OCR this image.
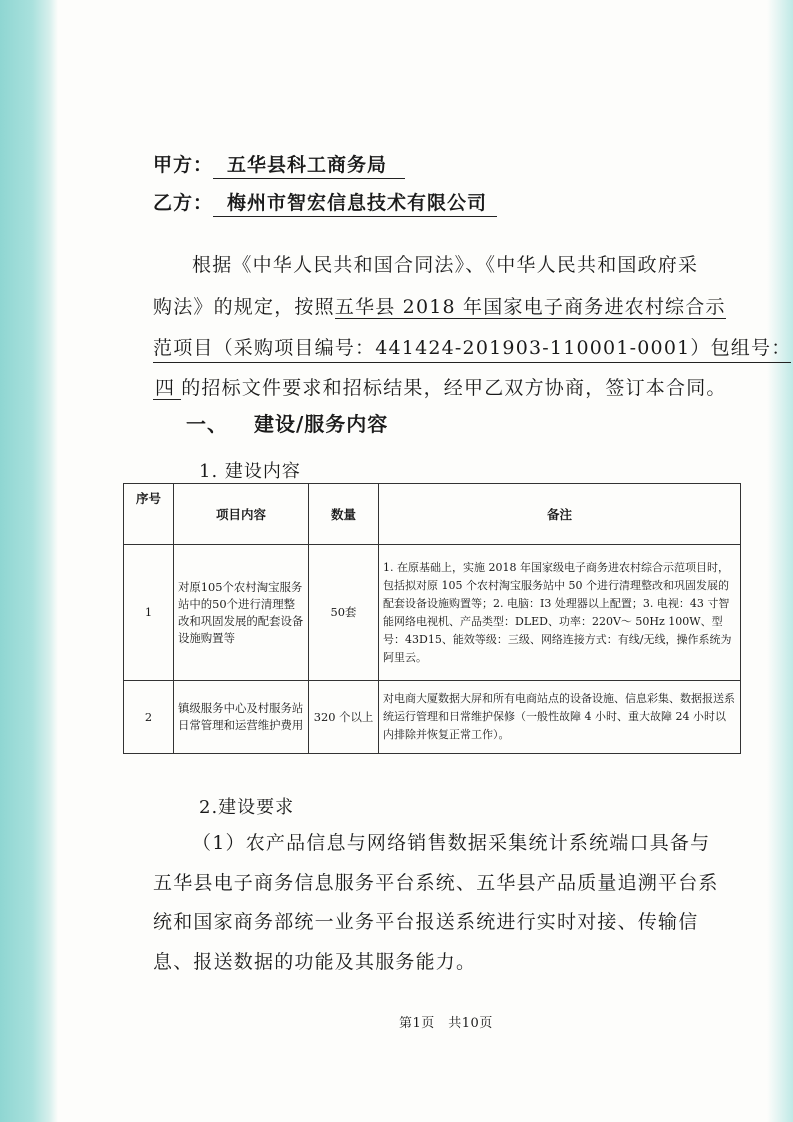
甲方： 五华县科工商务局
乙方： 梅州市智宏信息技术有限公司
根据《中华人民共和国合同法》、《中华人民共和国政府采
购法》的规定，按照五华县 2018 年国家电子商务进农村综合示
范项目（采购项目编号：441424-201903-110001-0001）包组号：
四 的招标文件要求和招标结果，经甲乙双方协商，签订本合同。
一、 建设/服务内容
1. 建设内容
序号	项目内容	数量	备注
1	对原105个农村淘宝服务站中的50个进行清理整改和巩固发展的配套设备设施购置等	50套	1. 在原基础上，实施 2018 年国家级电子商务进农村综合示范项目时，包括拟对原 105 个农村淘宝服务站中 50 个进行清理整改和巩固发展的配套设备设施购置等；2. 电脑：I3 处理器以上配置；3. 电视：43 寸智能网络电视机、产品类型：DLED、功率：220V～ 50Hz 100W、型号：43D15、能效等级：三级、网络连接方式：有线/无线，操作系统为阿里云。
2	镇级服务中心及村服务站日常管理和运营维护费用	320 个以上	对电商大厦数据大屏和所有电商站点的设备设施、信息彩集、数据报送系统运行管理和日常维护保修（一般性故障 4 小时、重大故障 24 小时以内排除并恢复正常工作）。
2.建设要求
（1）农产品信息与网络销售数据采集统计系统端口具备与
五华县电子商务信息服务平台系统、五华县产品质量追溯平台系
统和国家商务部统一业务平台报送系统进行实时对接、传输信
息、报送数据的功能及其服务能力。
第1页　共10页
